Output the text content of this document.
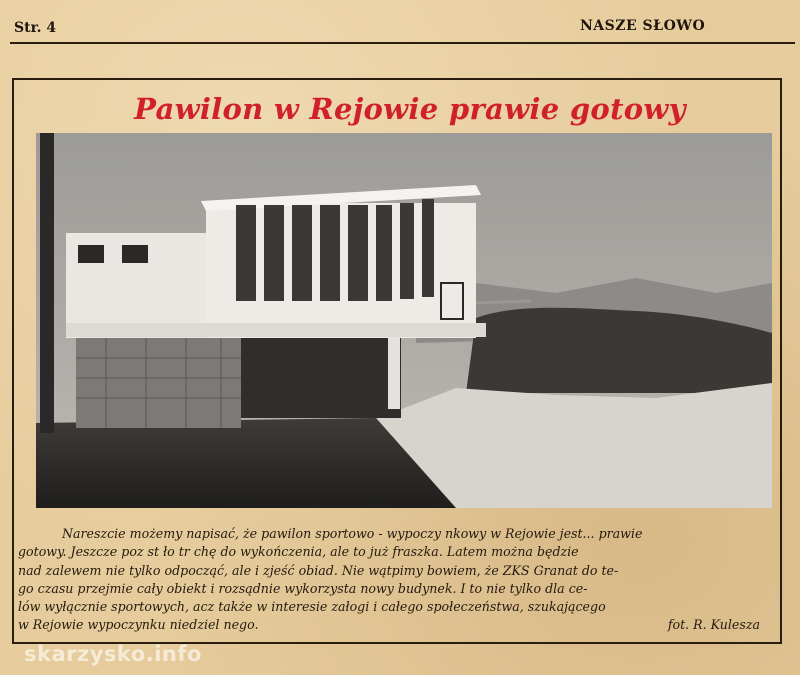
Str. 4	NASZE SŁOWO
Pawilon w Rejowie prawie gotowy
Nareszcie możemy napisać, że pawilon sportowo - wypoczy nkowy w Rejowie jest... prawie
gotowy. Jeszcze poz st ło tr chę do wykończenia, ale to już fraszka. Latem można będzie
nad zalewem nie tylko odpocząć, ale i zjeść obiad. Nie wątpimy bowiem, że ZKS Granat do te-
go czasu przejmie cały obiekt i rozsądnie wykorzysta nowy budynek. I to nie tylko dla ce-
lów wyłącznie sportowych, acz także w interesie załogi i całego społeczeństwa, szukającego
w Rejowie wypoczynku niedziel nego.	fot. R. Kulesza
skarzysko.info
